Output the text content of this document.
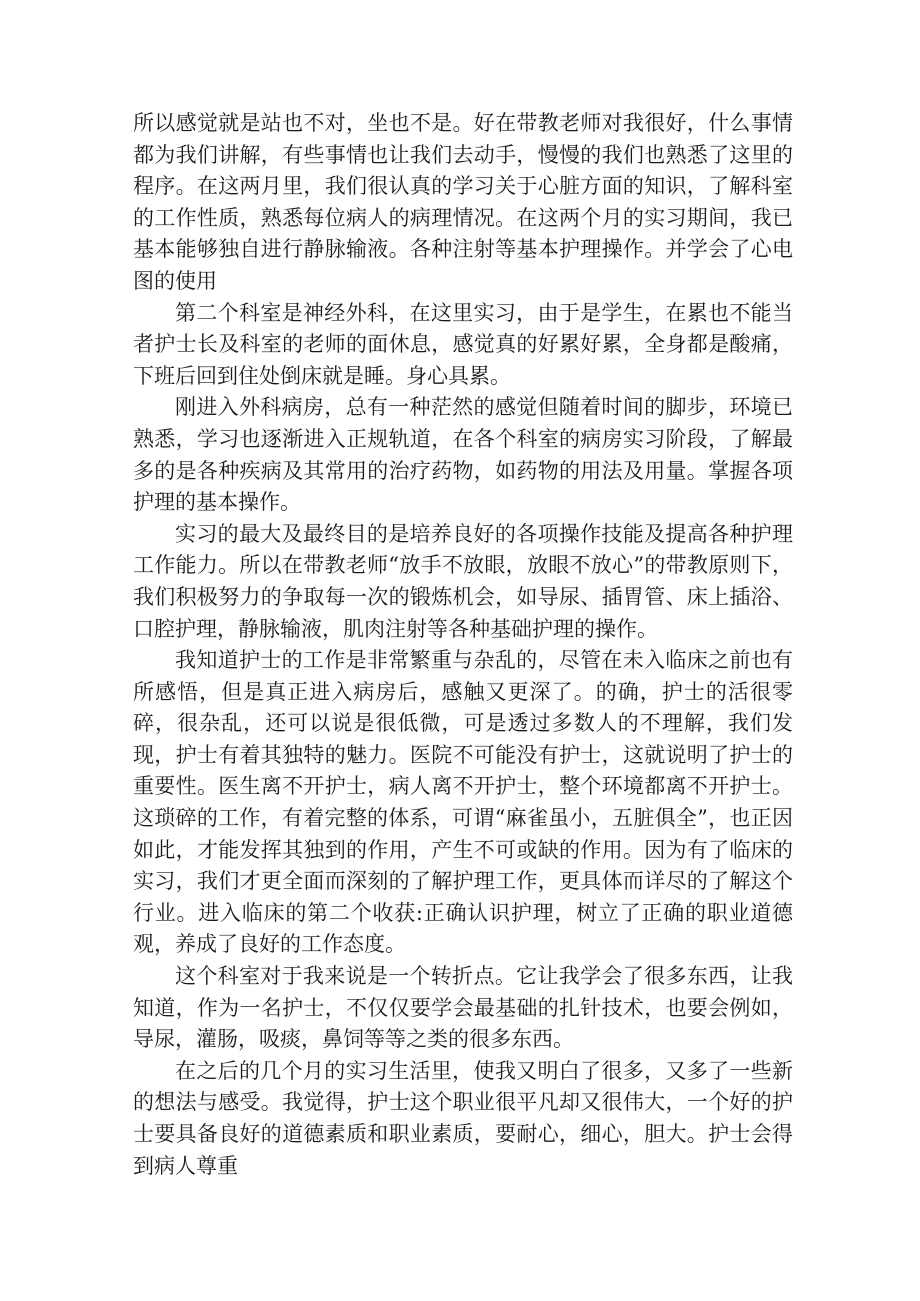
所以感觉就是站也不对，坐也不是。好在带教老师对我很好，什么事情都为我们讲解，有些事情也让我们去动手，慢慢的我们也熟悉了这里的程序。在这两月里，我们很认真的学习关于心脏方面的知识，了解科室的工作性质，熟悉每位病人的病理情况。在这两个月的实习期间，我已基本能够独自进行静脉输液。各种注射等基本护理操作。并学会了心电图的使用

第二个科室是神经外科，在这里实习，由于是学生，在累也不能当者护士长及科室的老师的面休息，感觉真的好累好累，全身都是酸痛，下班后回到住处倒床就是睡。身心具累。

刚进入外科病房，总有一种茫然的感觉但随着时间的脚步，环境已熟悉，学习也逐渐进入正规轨道，在各个科室的病房实习阶段，了解最多的是各种疾病及其常用的治疗药物，如药物的用法及用量。掌握各项护理的基本操作。

实习的最大及最终目的是培养良好的各项操作技能及提高各种护理工作能力。所以在带教老师“放手不放眼，放眼不放心”的带教原则下，我们积极努力的争取每一次的锻炼机会，如导尿、插胃管、床上插浴、口腔护理，静脉输液，肌肉注射等各种基础护理的操作。

我知道护士的工作是非常繁重与杂乱的，尽管在未入临床之前也有所感悟，但是真正进入病房后，感触又更深了。的确，护士的活很零碎，很杂乱，还可以说是很低微，可是透过多数人的不理解，我们发现，护士有着其独特的魅力。医院不可能没有护士，这就说明了护士的重要性。医生离不开护士，病人离不开护士，整个环境都离不开护士。这琐碎的工作，有着完整的体系，可谓“麻雀虽小，五脏俱全”，也正因如此，才能发挥其独到的作用，产生不可或缺的作用。因为有了临床的实习，我们才更全面而深刻的了解护理工作，更具体而详尽的了解这个行业。进入临床的第二个收获:正确认识护理，树立了正确的职业道德观，养成了良好的工作态度。

这个科室对于我来说是一个转折点。它让我学会了很多东西，让我知道，作为一名护士，不仅仅要学会最基础的扎针技术，也要会例如，导尿，灌肠，吸痰，鼻饲等等之类的很多东西。

在之后的几个月的实习生活里，使我又明白了很多，又多了一些新的想法与感受。我觉得，护士这个职业很平凡却又很伟大，一个好的护士要具备良好的道德素质和职业素质，要耐心，细心，胆大。护士会得到病人尊重
